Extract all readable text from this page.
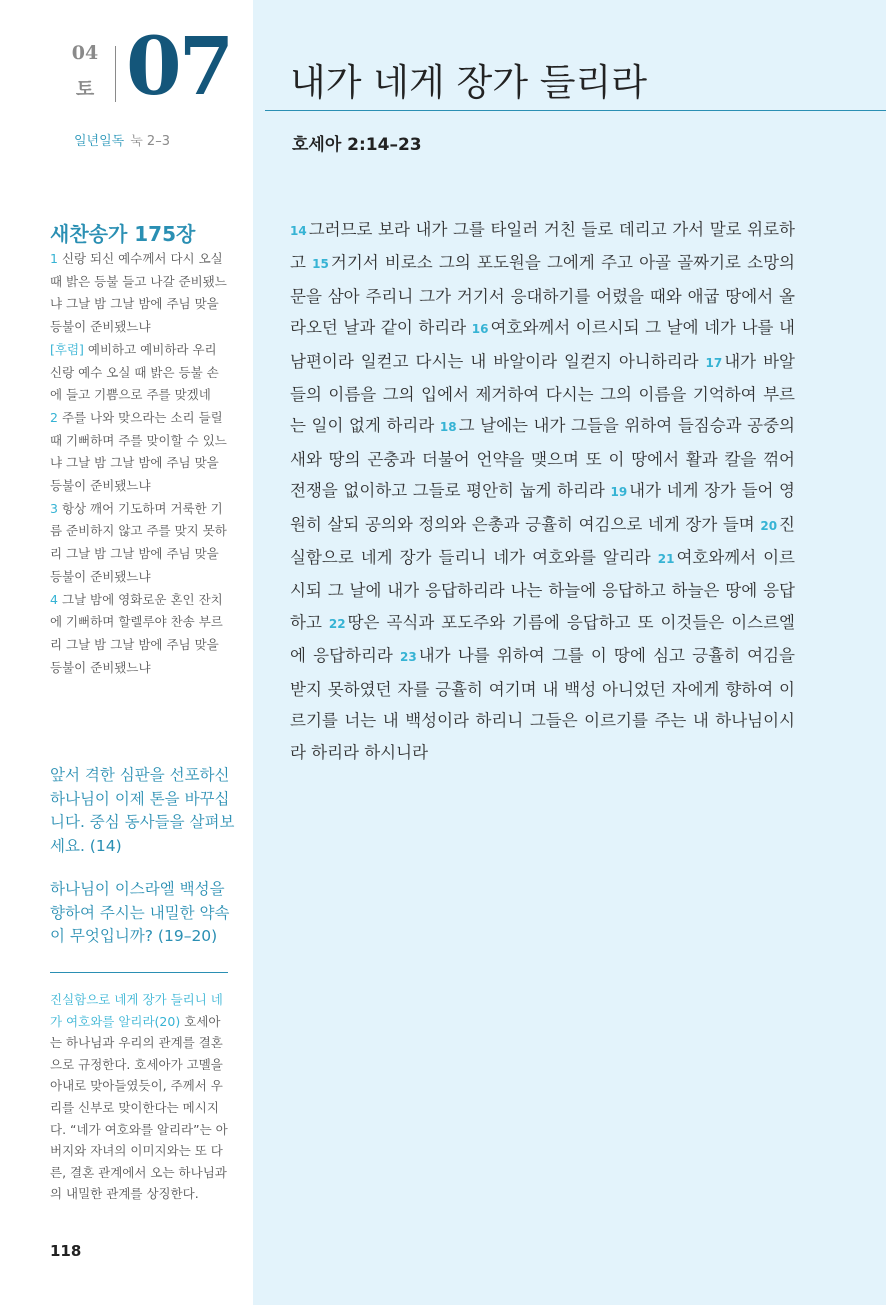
04
토 07
일년일독 눅 2–3
새찬송가 175장

1 신랑 되신 예수께서 다시 오실 때 밝은 등불 들고 나갈 준비됐느냐 그날 밤 그날 밤에 주님 맞을 등불이 준비됐느냐

[후렴] 예비하고 예비하라 우리 신랑 예수 오실 때 밝은 등불 손에 들고 기쁨으로 주를 맞겠네

2 주를 나와 맞으라는 소리 들릴 때 기뻐하며 주를 맞이할 수 있느냐 그날 밤 그날 밤에 주님 맞을 등불이 준비됐느냐

3 항상 깨어 기도하며 거룩한 기름 준비하지 않고 주를 맞지 못하리 그날 밤 그날 밤에 주님 맞을 등불이 준비됐느냐

4 그날 밤에 영화로운 혼인 잔치에 기뻐하며 할렐루야 찬송 부르리 그날 밤 그날 밤에 주님 맞을 등불이 준비됐느냐

앞서 격한 심판을 선포하신 하나님이 이제 톤을 바꾸십니다. 중심 동사들을 살펴보세요. (14)
하나님이 이스라엘 백성을 향하여 주시는 내밀한 약속이 무엇입니까? (19–20)
진실함으로 네게 장가 들리니 네가 여호와를 알리라(20) 호세아는 하나님과 우리의 관계를 결혼으로 규정한다. 호세아가 고멜을 아내로 맞아들였듯이, 주께서 우리를 신부로 맞이한다는 메시지다. “네가 여호와를 알리라”는 아버지와 자녀의 이미지와는 또 다른, 결혼 관계에서 오는 하나님과의 내밀한 관계를 상징한다.
118
내가 네게 장가 들리라
호세아 2:14–23
14 그러므로 보라 내가 그를 타일러 거친 들로 데리고 가서 말로 위로하고 15 거기서 비로소 그의 포도원을 그에게 주고 아골 골짜기로 소망의 문을 삼아 주리니 그가 거기서 응대하기를 어렸을 때와 애굽 땅에서 올라오던 날과 같이 하리라 16 여호와께서 이르시되 그 날에 네가 나를 내 남편이라 일컫고 다시는 내 바알이라 일컫지 아니하리라 17 내가 바알들의 이름을 그의 입에서 제거하여 다시는 그의 이름을 기억하여 부르는 일이 없게 하리라 18 그 날에는 내가 그들을 위하여 들짐승과 공중의 새와 땅의 곤충과 더불어 언약을 맺으며 또 이 땅에서 활과 칼을 꺾어 전쟁을 없이하고 그들로 평안히 눕게 하리라 19 내가 네게 장가 들어 영원히 살되 공의와 정의와 은총과 긍휼히 여김으로 네게 장가 들며 20 진실함으로 네게 장가 들리니 네가 여호와를 알리라 21 여호와께서 이르시되 그 날에 내가 응답하리라 나는 하늘에 응답하고 하늘은 땅에 응답하고 22 땅은 곡식과 포도주와 기름에 응답하고 또 이것들은 이스르엘에 응답하리라 23 내가 나를 위하여 그를 이 땅에 심고 긍휼히 여김을 받지 못하였던 자를 긍휼히 여기며 내 백성 아니었던 자에게 향하여 이르기를 너는 내 백성이라 하리니 그들은 이르기를 주는 내 하나님이시라 하리라 하시니라
